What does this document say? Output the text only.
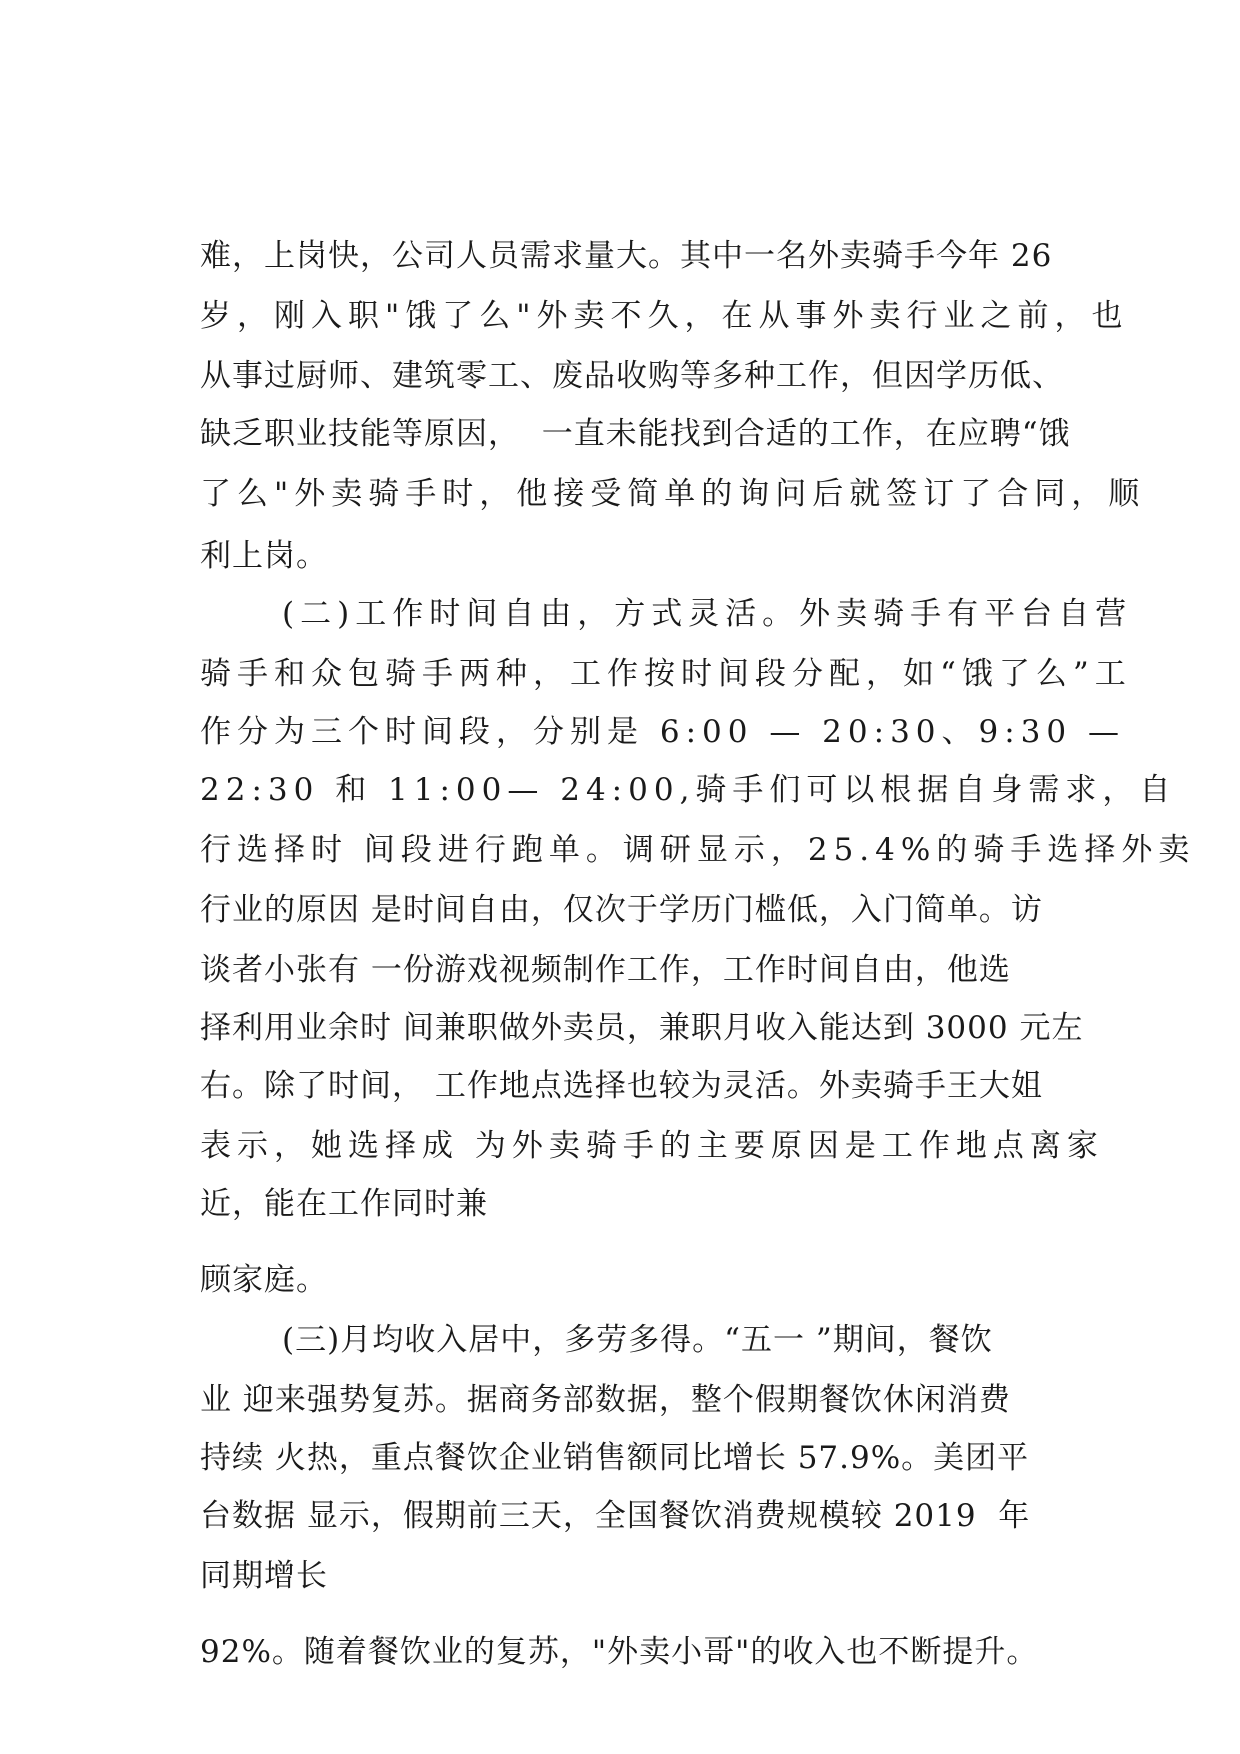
难，上岗快，公司人员需求量大。其中一名外卖骑手今年 26
岁，刚入职"饿了么"外卖不久，在从事外卖行业之前，也
从事过厨师、建筑零工、废品收购等多种工作，但因学历低、
缺乏职业技能等原因，  一直未能找到合适的工作，在应聘“饿
了么"外卖骑手时，他接受简单的询问后就签订了合同，顺
利上岗。
(二)工作时间自由，方式灵活。外卖骑手有平台自营
骑手和众包骑手两种，工作按时间段分配，如“饿了么”工
作分为三个时间段，分别是 6:00 — 20:30、9:30 —
22:30 和 11:00— 24:00,骑手们可以根据自身需求，自
行选择时 间段进行跑单。调研显示，25.4%的骑手选择外卖
行业的原因 是时间自由，仅次于学历门槛低，入门简单。访
谈者小张有 一份游戏视频制作工作，工作时间自由，他选
择利用业余时 间兼职做外卖员，兼职月收入能达到 3000 元左
右。除了时间， 工作地点选择也较为灵活。外卖骑手王大姐
表示，她选择成 为外卖骑手的主要原因是工作地点离家
近，能在工作同时兼
顾家庭。
(三)月均收入居中，多劳多得。“五一 ”期间，餐饮
业 迎来强势复苏。据商务部数据，整个假期餐饮休闲消费
持续 火热，重点餐饮企业销售额同比增长 57.9%。美团平
台数据 显示，假期前三天，全国餐饮消费规模较 2019  年
同期增长
92%。随着餐饮业的复苏，"外卖小哥"的收入也不断提升。
